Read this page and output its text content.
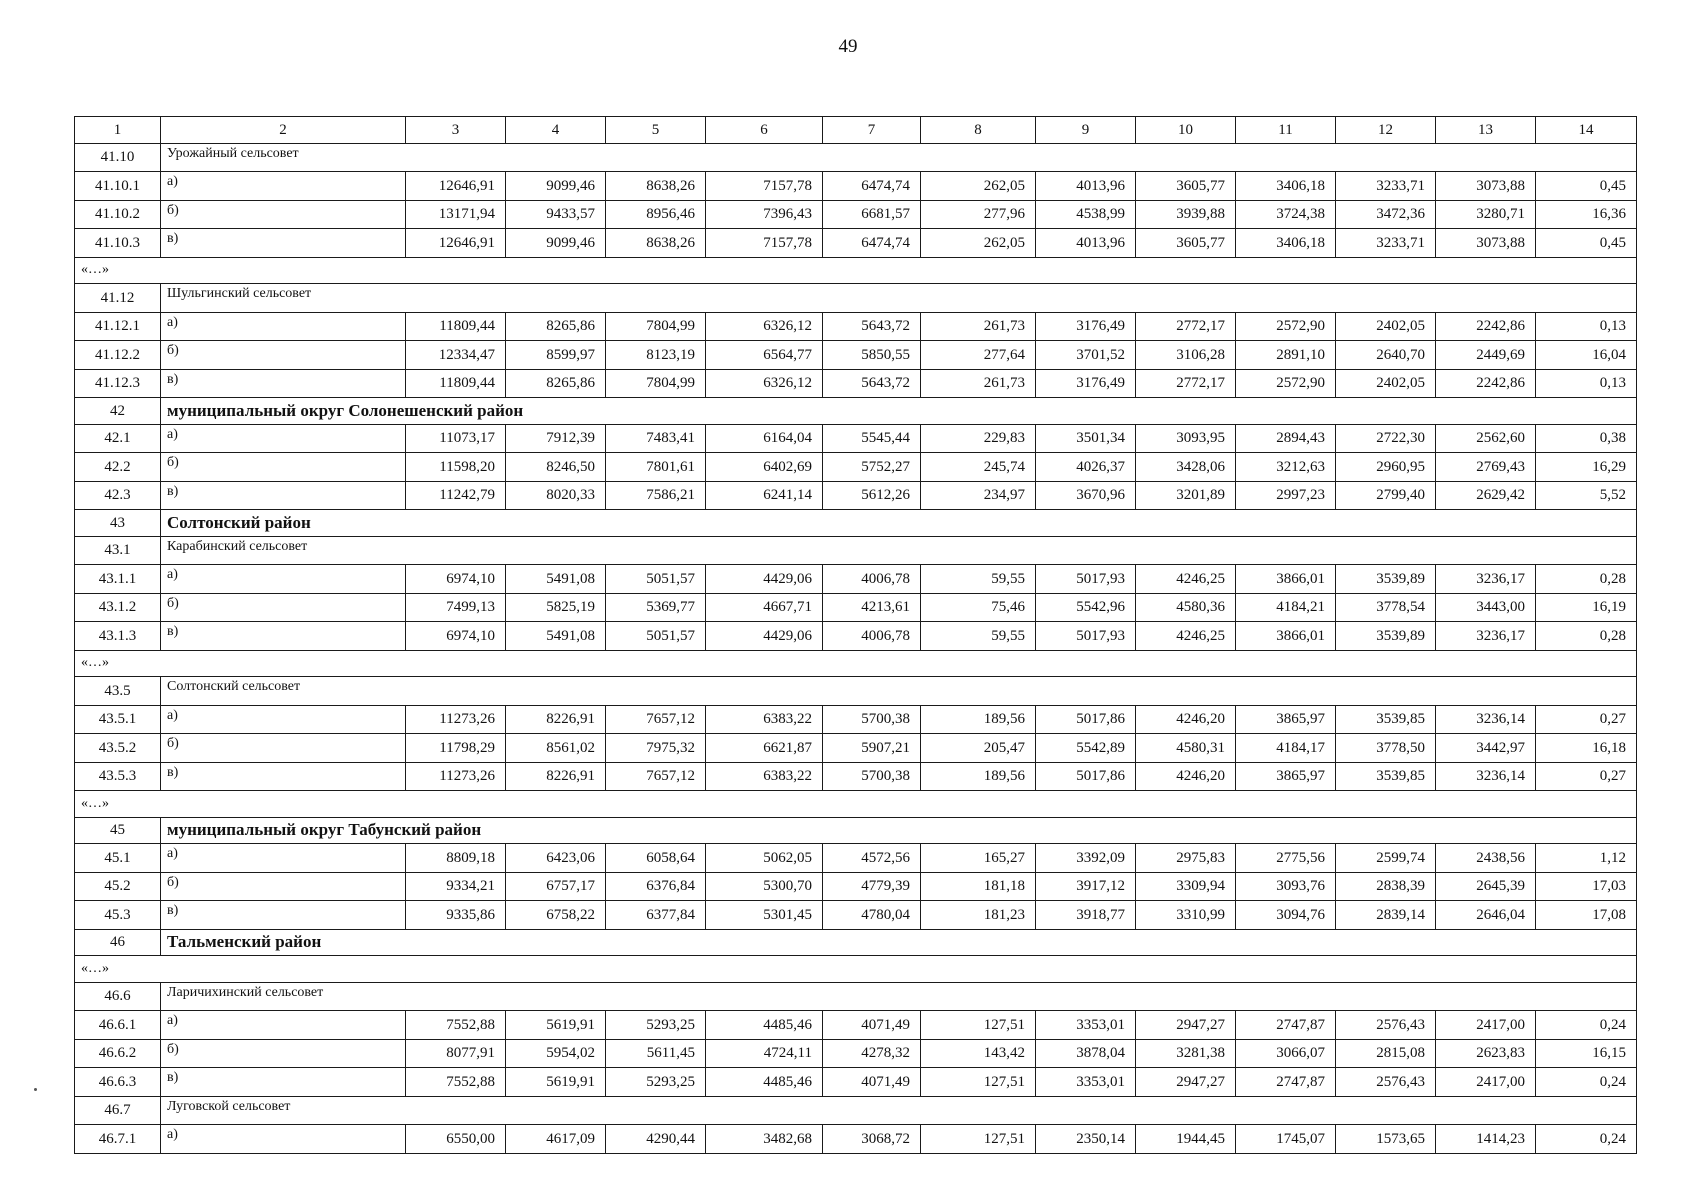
49
1	2	3	4	5	6	7	8	9	10	11	12	13	14
41.10	Урожайный сельсовет												
41.10.1	а)	12646,91	9099,46	8638,26	7157,78	6474,74	262,05	4013,96	3605,77	3406,18	3233,71	3073,88	0,45
41.10.2	б)	13171,94	9433,57	8956,46	7396,43	6681,57	277,96	4538,99	3939,88	3724,38	3472,36	3280,71	16,36
41.10.3	в)	12646,91	9099,46	8638,26	7157,78	6474,74	262,05	4013,96	3605,77	3406,18	3233,71	3073,88	0,45
«…»													
41.12	Шульгинский сельсовет												
41.12.1	а)	11809,44	8265,86	7804,99	6326,12	5643,72	261,73	3176,49	2772,17	2572,90	2402,05	2242,86	0,13
41.12.2	б)	12334,47	8599,97	8123,19	6564,77	5850,55	277,64	3701,52	3106,28	2891,10	2640,70	2449,69	16,04
41.12.3	в)	11809,44	8265,86	7804,99	6326,12	5643,72	261,73	3176,49	2772,17	2572,90	2402,05	2242,86	0,13
42	муниципальный округ Солонешенский район												
42.1	а)	11073,17	7912,39	7483,41	6164,04	5545,44	229,83	3501,34	3093,95	2894,43	2722,30	2562,60	0,38
42.2	б)	11598,20	8246,50	7801,61	6402,69	5752,27	245,74	4026,37	3428,06	3212,63	2960,95	2769,43	16,29
42.3	в)	11242,79	8020,33	7586,21	6241,14	5612,26	234,97	3670,96	3201,89	2997,23	2799,40	2629,42	5,52
43	Солтонский район												
43.1	Карабинский сельсовет												
43.1.1	а)	6974,10	5491,08	5051,57	4429,06	4006,78	59,55	5017,93	4246,25	3866,01	3539,89	3236,17	0,28
43.1.2	б)	7499,13	5825,19	5369,77	4667,71	4213,61	75,46	5542,96	4580,36	4184,21	3778,54	3443,00	16,19
43.1.3	в)	6974,10	5491,08	5051,57	4429,06	4006,78	59,55	5017,93	4246,25	3866,01	3539,89	3236,17	0,28
«…»													
43.5	Солтонский сельсовет												
43.5.1	а)	11273,26	8226,91	7657,12	6383,22	5700,38	189,56	5017,86	4246,20	3865,97	3539,85	3236,14	0,27
43.5.2	б)	11798,29	8561,02	7975,32	6621,87	5907,21	205,47	5542,89	4580,31	4184,17	3778,50	3442,97	16,18
43.5.3	в)	11273,26	8226,91	7657,12	6383,22	5700,38	189,56	5017,86	4246,20	3865,97	3539,85	3236,14	0,27
«…»													
45	муниципальный округ Табунский район												
45.1	а)	8809,18	6423,06	6058,64	5062,05	4572,56	165,27	3392,09	2975,83	2775,56	2599,74	2438,56	1,12
45.2	б)	9334,21	6757,17	6376,84	5300,70	4779,39	181,18	3917,12	3309,94	3093,76	2838,39	2645,39	17,03
45.3	в)	9335,86	6758,22	6377,84	5301,45	4780,04	181,23	3918,77	3310,99	3094,76	2839,14	2646,04	17,08
46	Тальменский район												
«…»													
46.6	Ларичихинский сельсовет												
46.6.1	а)	7552,88	5619,91	5293,25	4485,46	4071,49	127,51	3353,01	2947,27	2747,87	2576,43	2417,00	0,24
46.6.2	б)	8077,91	5954,02	5611,45	4724,11	4278,32	143,42	3878,04	3281,38	3066,07	2815,08	2623,83	16,15
46.6.3	в)	7552,88	5619,91	5293,25	4485,46	4071,49	127,51	3353,01	2947,27	2747,87	2576,43	2417,00	0,24
46.7	Луговской сельсовет												
46.7.1	а)	6550,00	4617,09	4290,44	3482,68	3068,72	127,51	2350,14	1944,45	1745,07	1573,65	1414,23	0,24
